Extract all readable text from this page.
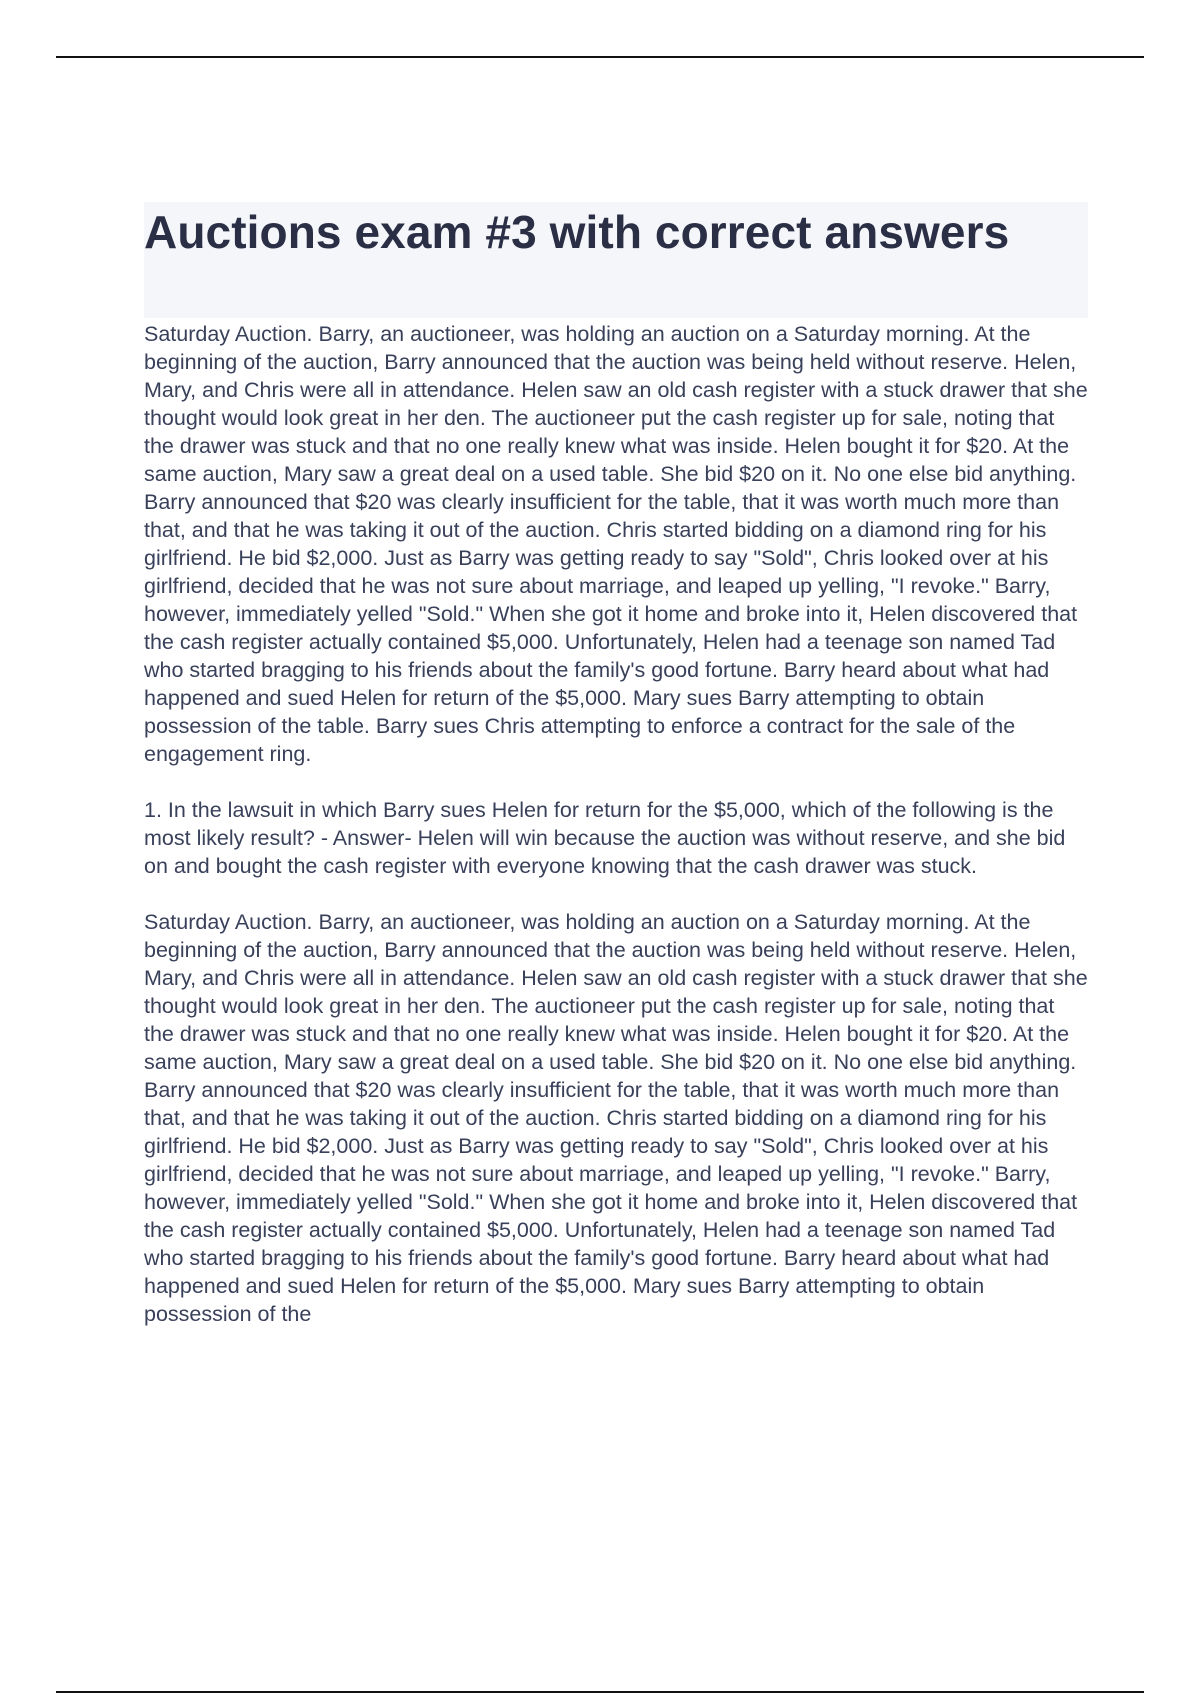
Auctions exam #3 with correct answers

Saturday Auction. Barry, an auctioneer, was holding an auction on a Saturday morning. At the beginning of the auction, Barry announced that the auction was being held without reserve. Helen, Mary, and Chris were all in attendance. Helen saw an old cash register with a stuck drawer that she thought would look great in her den. The auctioneer put the cash register up for sale, noting that the drawer was stuck and that no one really knew what was inside. Helen bought it for $20. At the same auction, Mary saw a great deal on a used table. She bid $20 on it. No one else bid anything. Barry announced that $20 was clearly insufficient for the table, that it was worth much more than that, and that he was taking it out of the auction. Chris started bidding on a diamond ring for his girlfriend. He bid $2,000. Just as Barry was getting ready to say "Sold", Chris looked over at his girlfriend, decided that he was not sure about marriage, and leaped up yelling, "I revoke." Barry, however, immediately yelled "Sold." When she got it home and broke into it, Helen discovered that the cash register actually contained $5,000. Unfortunately, Helen had a teenage son named Tad who started bragging to his friends about the family's good fortune. Barry heard about what had happened and sued Helen for return of the $5,000. Mary sues Barry attempting to obtain possession of the table. Barry sues Chris attempting to enforce a contract for the sale of the engagement ring.

1. In the lawsuit in which Barry sues Helen for return for the $5,000, which of the following is the most likely result? - Answer- Helen will win because the auction was without reserve, and she bid on and bought the cash register with everyone knowing that the cash drawer was stuck.

Saturday Auction. Barry, an auctioneer, was holding an auction on a Saturday morning. At the beginning of the auction, Barry announced that the auction was being held without reserve. Helen, Mary, and Chris were all in attendance. Helen saw an old cash register with a stuck drawer that she thought would look great in her den. The auctioneer put the cash register up for sale, noting that the drawer was stuck and that no one really knew what was inside. Helen bought it for $20. At the same auction, Mary saw a great deal on a used table. She bid $20 on it. No one else bid anything. Barry announced that $20 was clearly insufficient for the table, that it was worth much more than that, and that he was taking it out of the auction. Chris started bidding on a diamond ring for his girlfriend. He bid $2,000. Just as Barry was getting ready to say "Sold", Chris looked over at his girlfriend, decided that he was not sure about marriage, and leaped up yelling, "I revoke." Barry, however, immediately yelled "Sold." When she got it home and broke into it, Helen discovered that the cash register actually contained $5,000. Unfortunately, Helen had a teenage son named Tad who started bragging to his friends about the family's good fortune. Barry heard about what had happened and sued Helen for return of the $5,000. Mary sues Barry attempting to obtain possession of the
